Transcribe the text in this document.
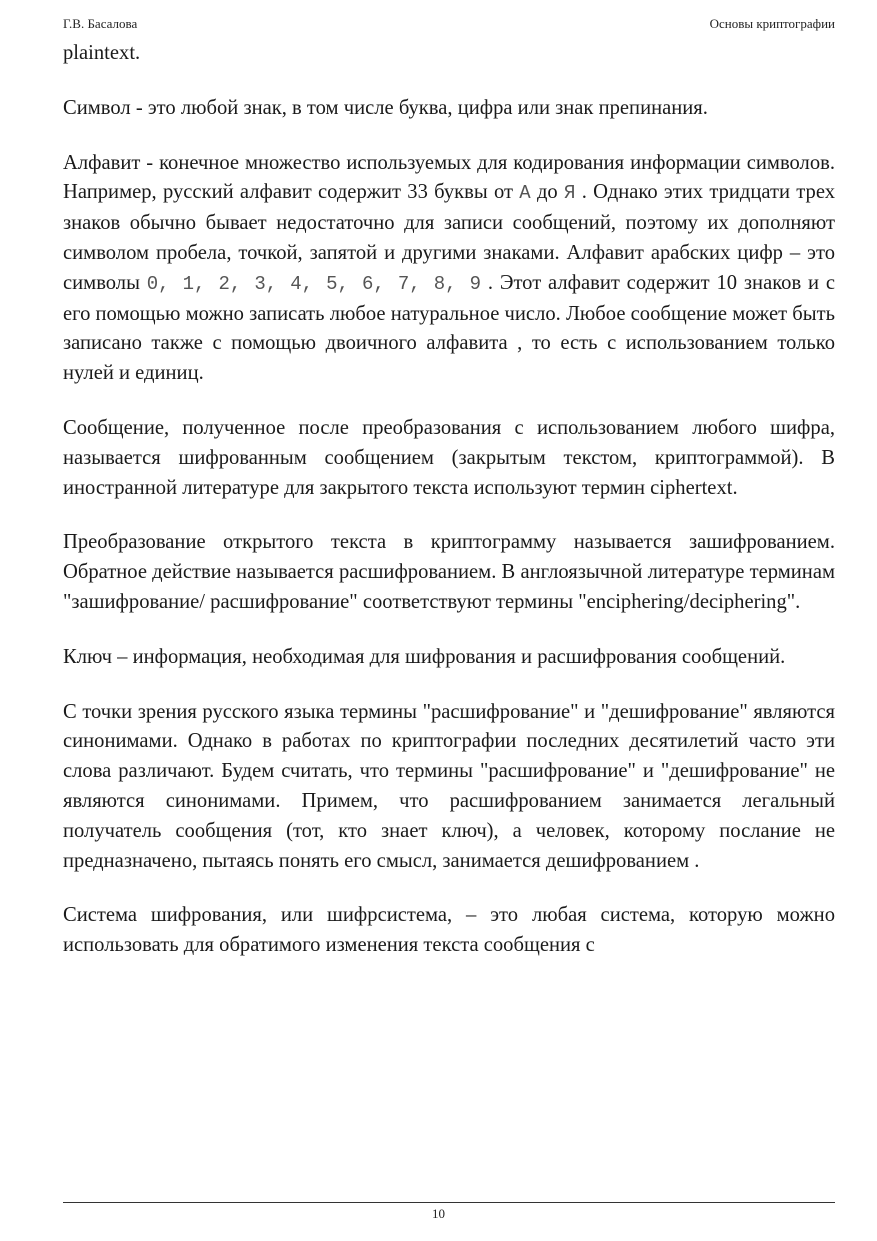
Г.В. Басалова	Основы криптографии

plaintext.

Символ - это любой знак, в том числе буква, цифра или знак препинания.

Алфавит - конечное множество используемых для кодирования информации символов. Например, русский алфавит содержит 33 буквы от А до Я . Однако этих тридцати трех знаков обычно бывает недостаточно для записи сообщений, поэтому их дополняют символом пробела, точкой, запятой и другими знаками. Алфавит арабских цифр – это символы 0, 1, 2, 3, 4, 5, 6, 7, 8, 9 . Этот алфавит содержит 10 знаков и с его помощью можно записать любое натуральное число. Любое сообщение может быть записано также с помощью двоичного алфавита , то есть с использованием только нулей и единиц.

Сообщение, полученное после преобразования с использованием любого шифра, называется шифрованным сообщением (закрытым текстом, криптограммой). В иностранной литературе для закрытого текста используют термин ciphertext.

Преобразование открытого текста в криптограмму называется зашифрованием. Обратное действие называется расшифрованием. В англоязычной литературе терминам "зашифрование/ расшифрование" соответствуют термины "enciphering/deciphering".

Ключ – информация, необходимая для шифрования и расшифрования сообщений.

С точки зрения русского языка термины "расшифрование" и "дешифрование" являются синонимами. Однако в работах по криптографии последних десятилетий часто эти слова различают. Будем считать, что термины "расшифрование" и "дешифрование" не являются синонимами. Примем, что расшифрованием занимается легальный получатель сообщения (тот, кто знает ключ), а человек, которому послание не предназначено, пытаясь понять его смысл, занимается дешифрованием .

Система шифрования, или шифрсистема, – это любая система, которую можно использовать для обратимого изменения текста сообщения с

10
